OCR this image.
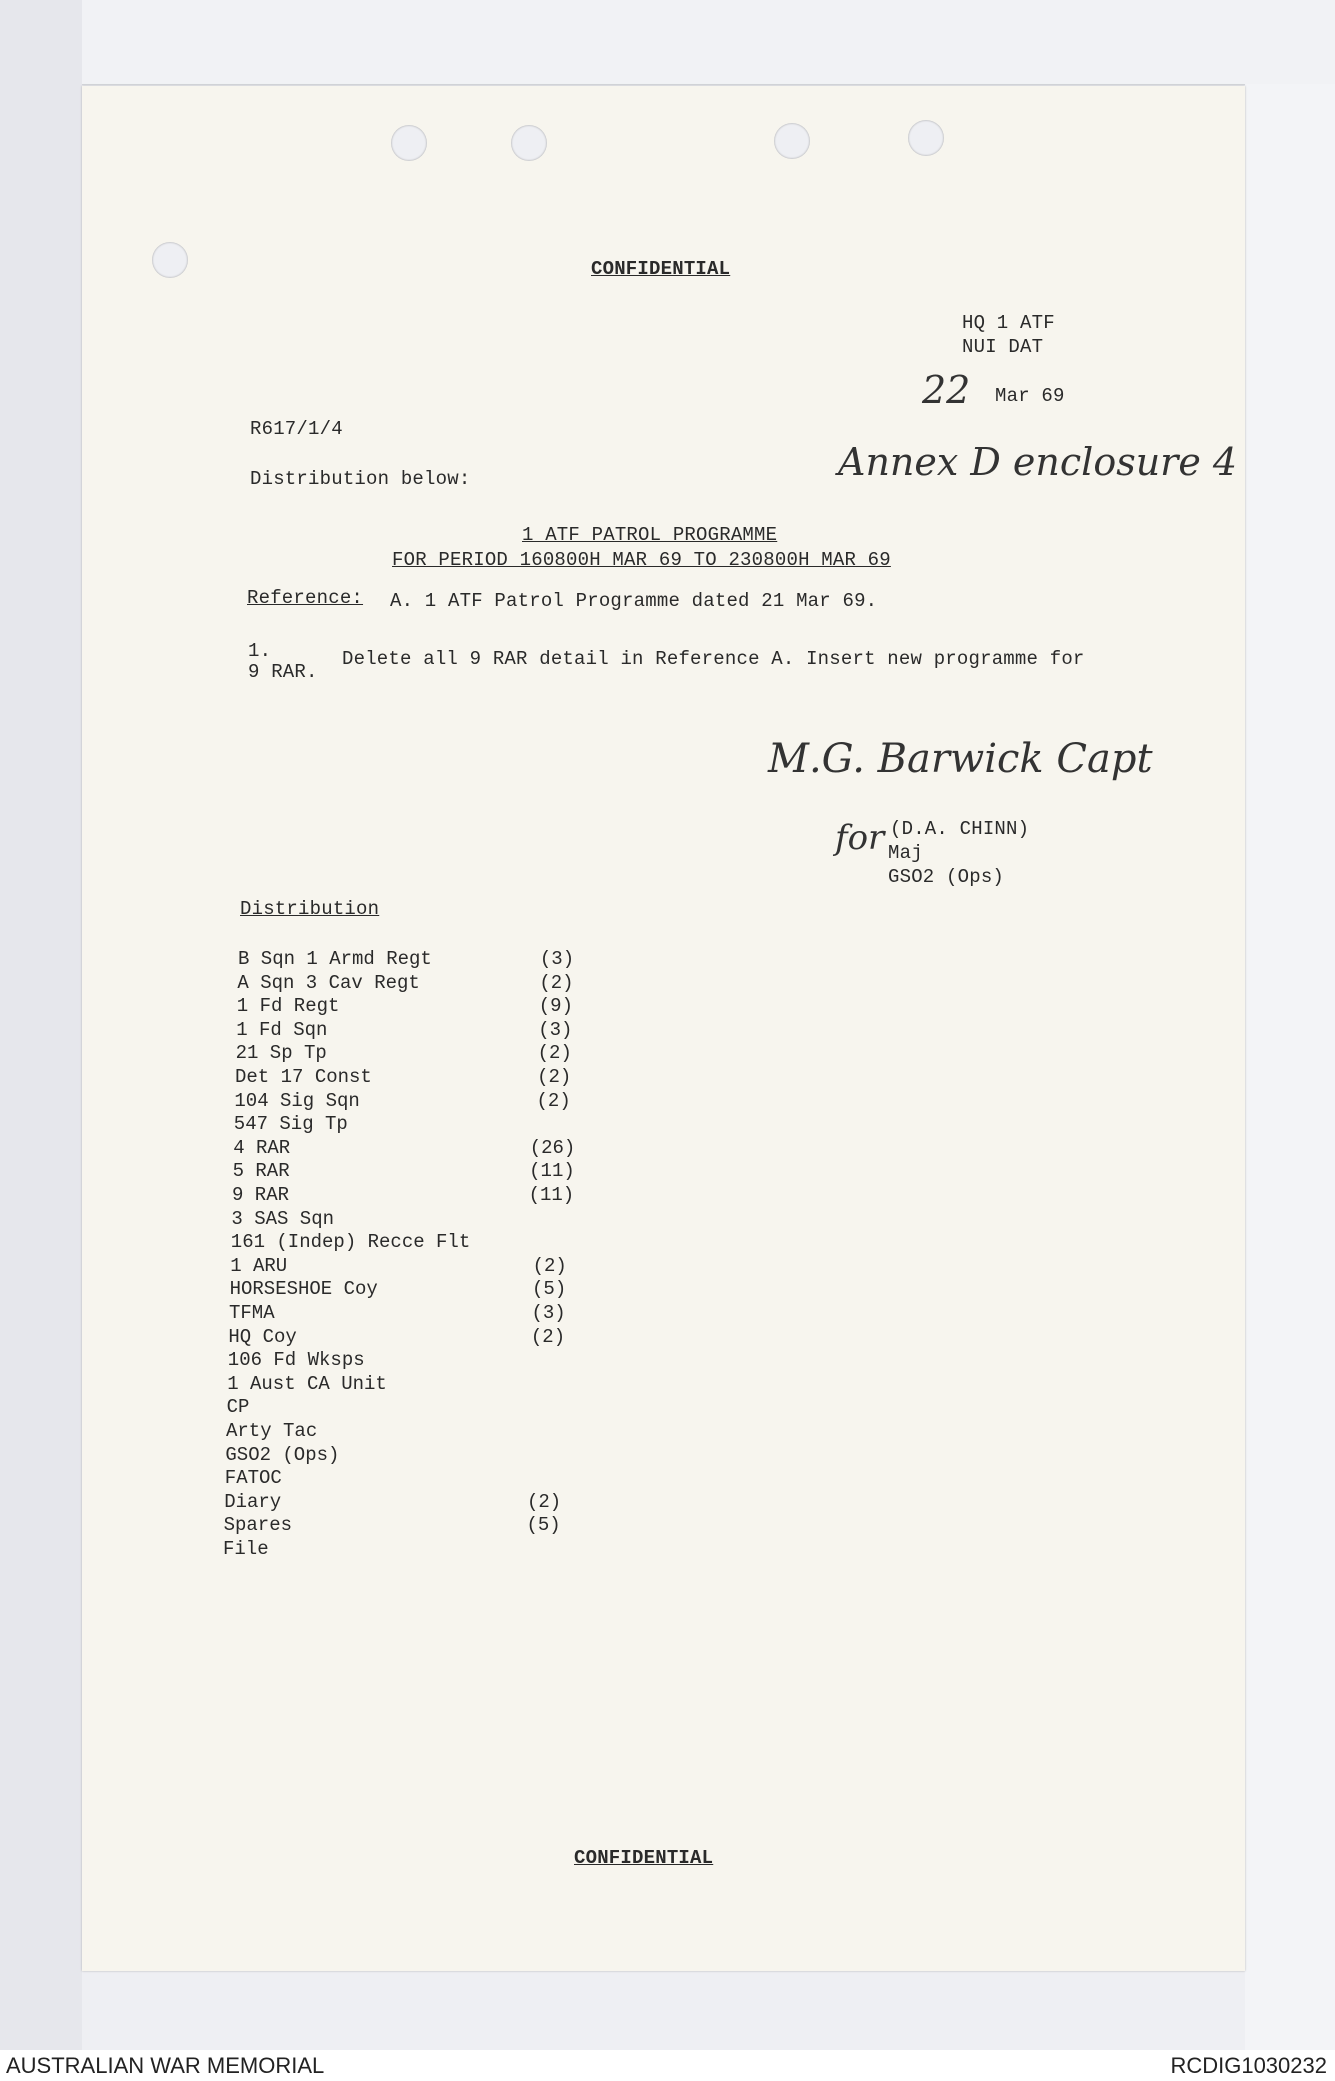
CONFIDENTIAL
HQ 1 ATF
NUI DAT
22 Mar 69
R617/1/4
Distribution below:	Annex D enclosure 4
1 ATF PATROL PROGRAMME
FOR PERIOD 160800H MAR 69 TO 230800H MAR 69
Reference: A. 1 ATF Patrol Programme dated 21 Mar 69.
1.	Delete all 9 RAR detail in Reference A. Insert new programme for
9 RAR.
M.G. Barwick Capt
for (D.A. CHINN)
Maj
GSO2 (Ops)
Distribution
B Sqn 1 Armd Regt	(3)
A Sqn 3 Cav Regt	(2)
1 Fd Regt	(9)
1 Fd Sqn	(3)
21 Sp Tp	(2)
Det 17 Const	(2)
104 Sig Sqn	(2)
547 Sig Tp
4 RAR	(26)
5 RAR	(11)
9 RAR	(11)
3 SAS Sqn
161 (Indep) Recce Flt
1 ARU	(2)
HORSESHOE Coy	(5)
TFMA	(3)
HQ Coy	(2)
106 Fd Wksps
1 Aust CA Unit
CP
Arty Tac
GSO2 (Ops)
FATOC
Diary	(2)
Spares	(5)
File
CONFIDENTIAL
AUSTRALIAN WAR MEMORIAL	RCDIG1030232
